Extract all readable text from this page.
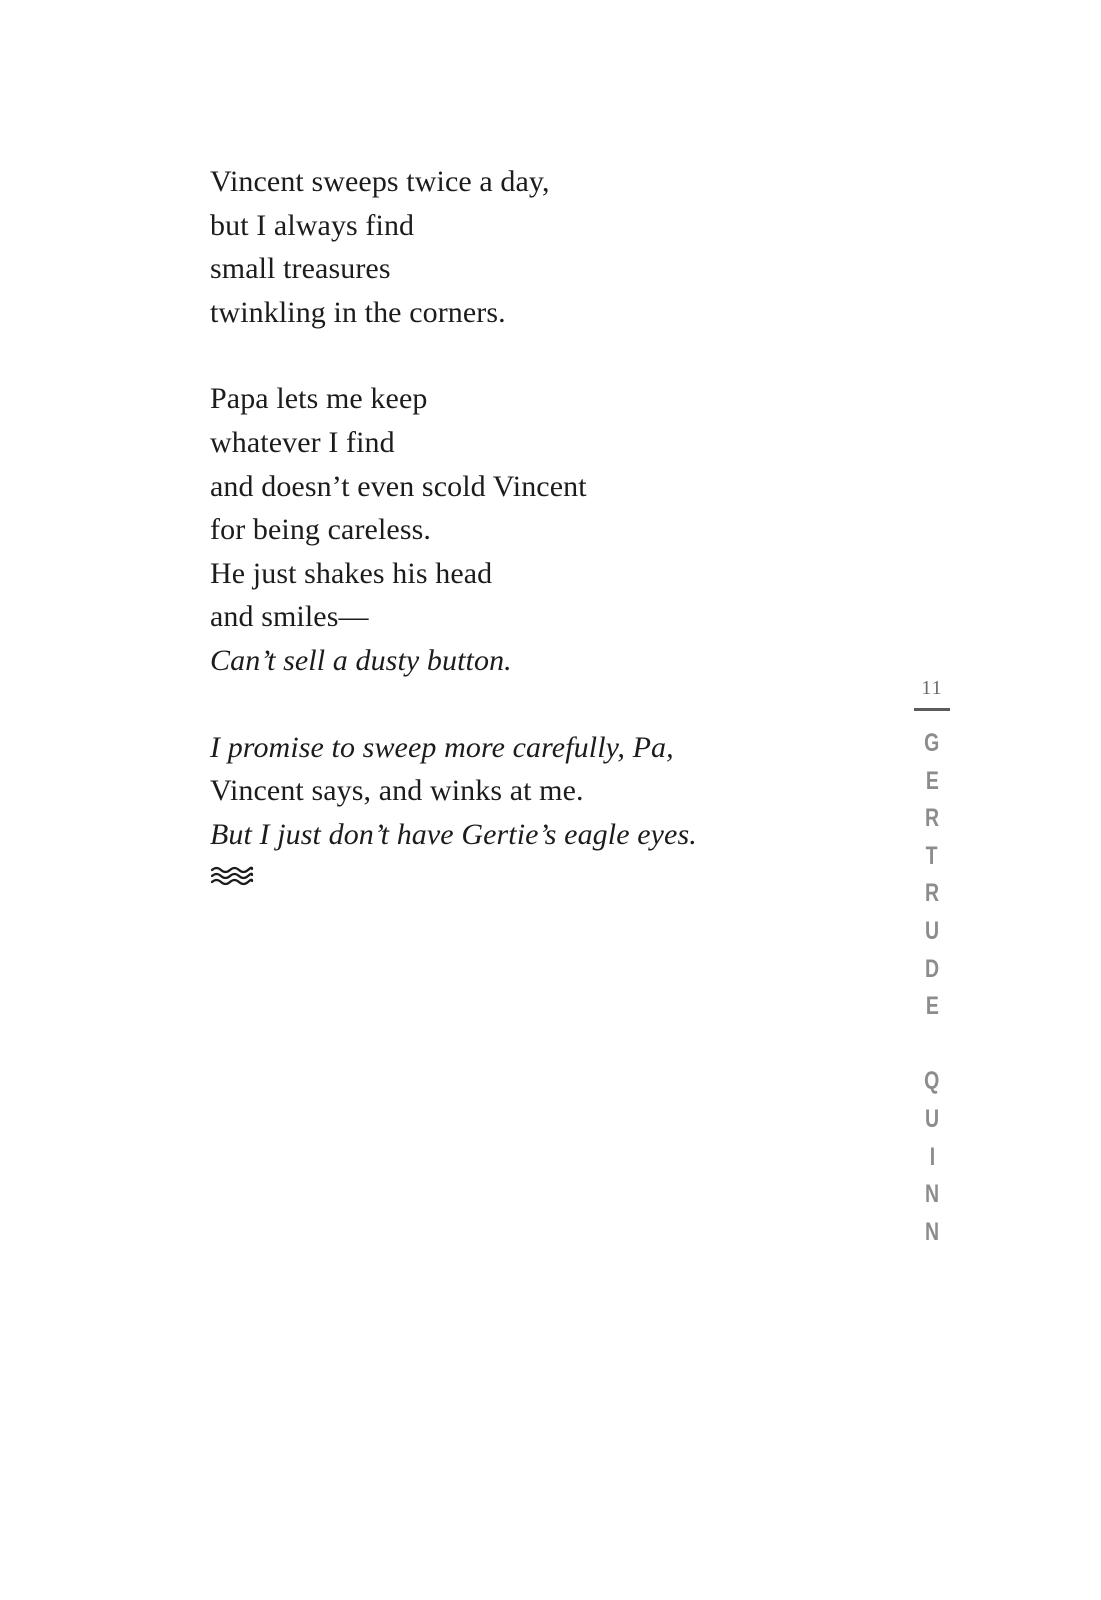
Vincent sweeps twice a day,
but I always find
small treasures
twinkling in the corners.
Papa lets me keep
whatever I find
and doesn’t even scold Vincent
for being careless.
He just shakes his head
and smiles—
Can’t sell a dusty button.
I promise to sweep more carefully, Pa,
Vincent says, and winks at me.
But I just don’t have Gertie’s eagle eyes.
11
G
E
R
T
R
U
D
E

Q
U
I
N
N
